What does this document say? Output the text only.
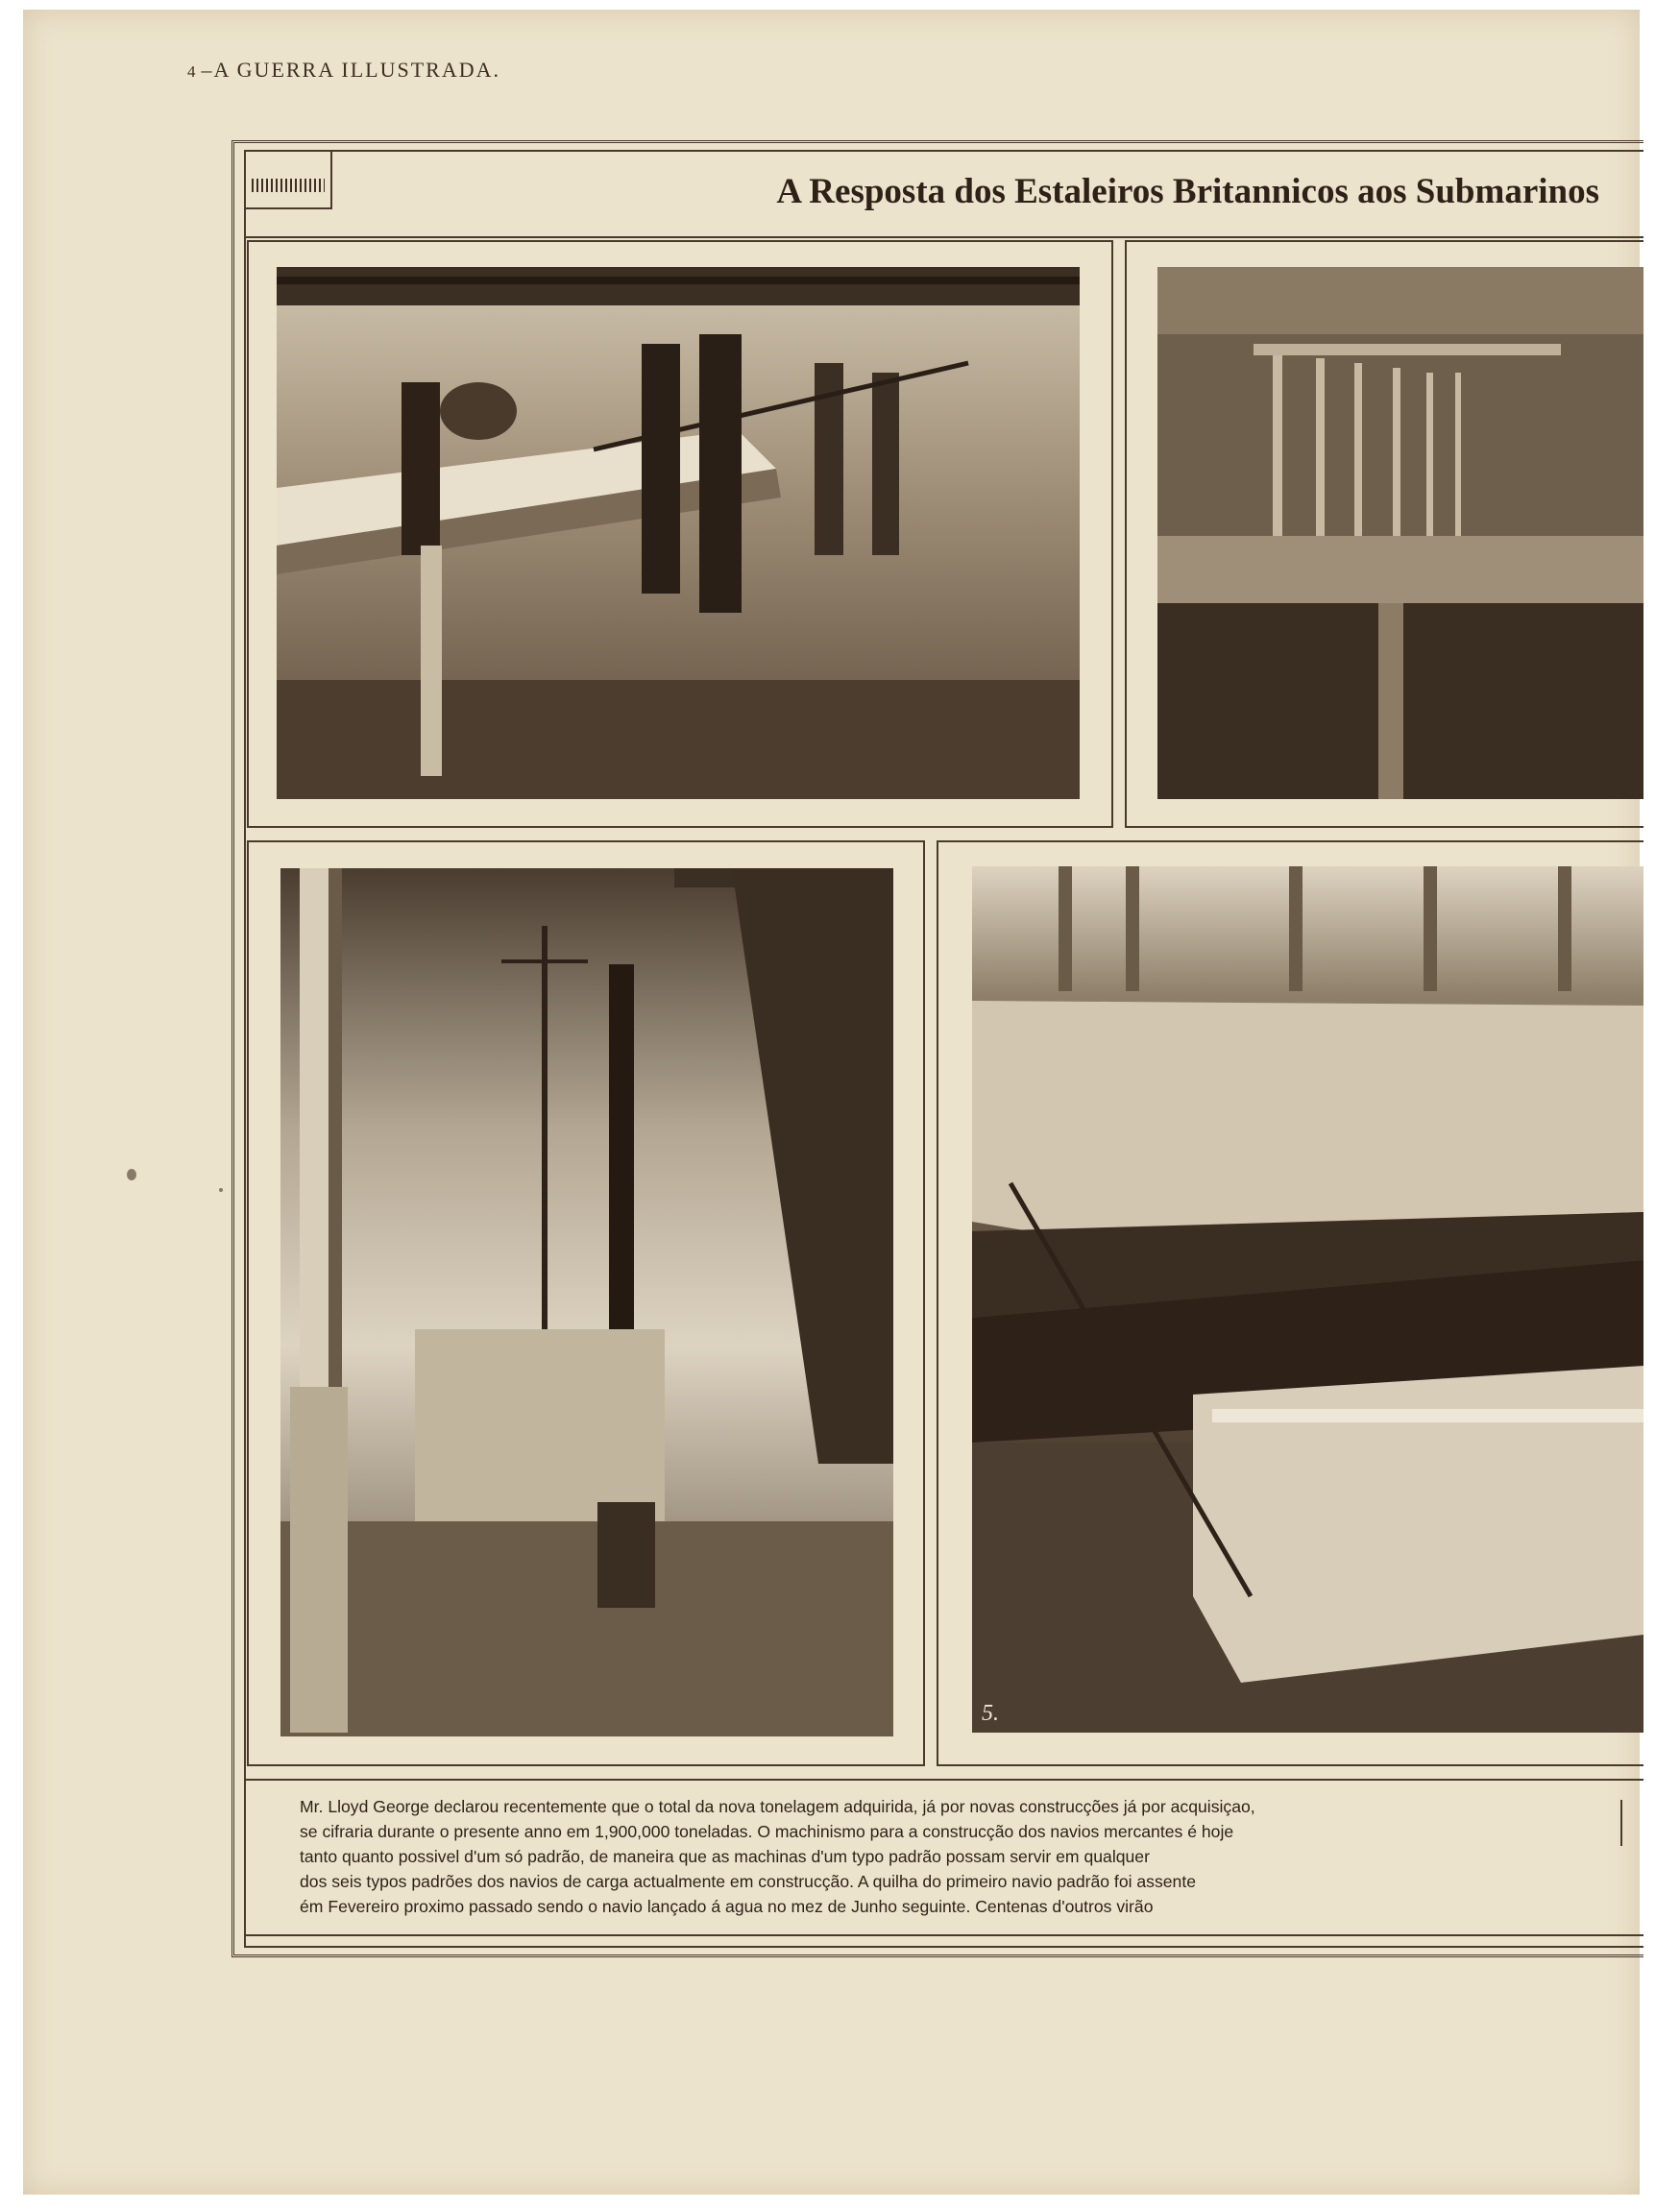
4 –A GUERRA ILLUSTRADA.
A Resposta dos Estaleiros Britannicos aos Submarinos
5.
Mr. Lloyd George declarou recentemente que o total da nova tonelagem adquirida, já por novas construcções já por acquisiçao,
se cifraria durante o presente anno em 1,900,000 toneladas. O machinismo para a construcção dos navios mercantes é hoje
tanto quanto possivel d'um só padrão, de maneira que as machinas d'um typo padrão possam servir em qualquer
dos seis typos padrões dos navios de carga actualmente em construcção. A quilha do primeiro navio padrão foi assente
ém Fevereiro proximo passado sendo o navio lançado á agua no mez de Junho seguinte. Centenas d'outros virão
